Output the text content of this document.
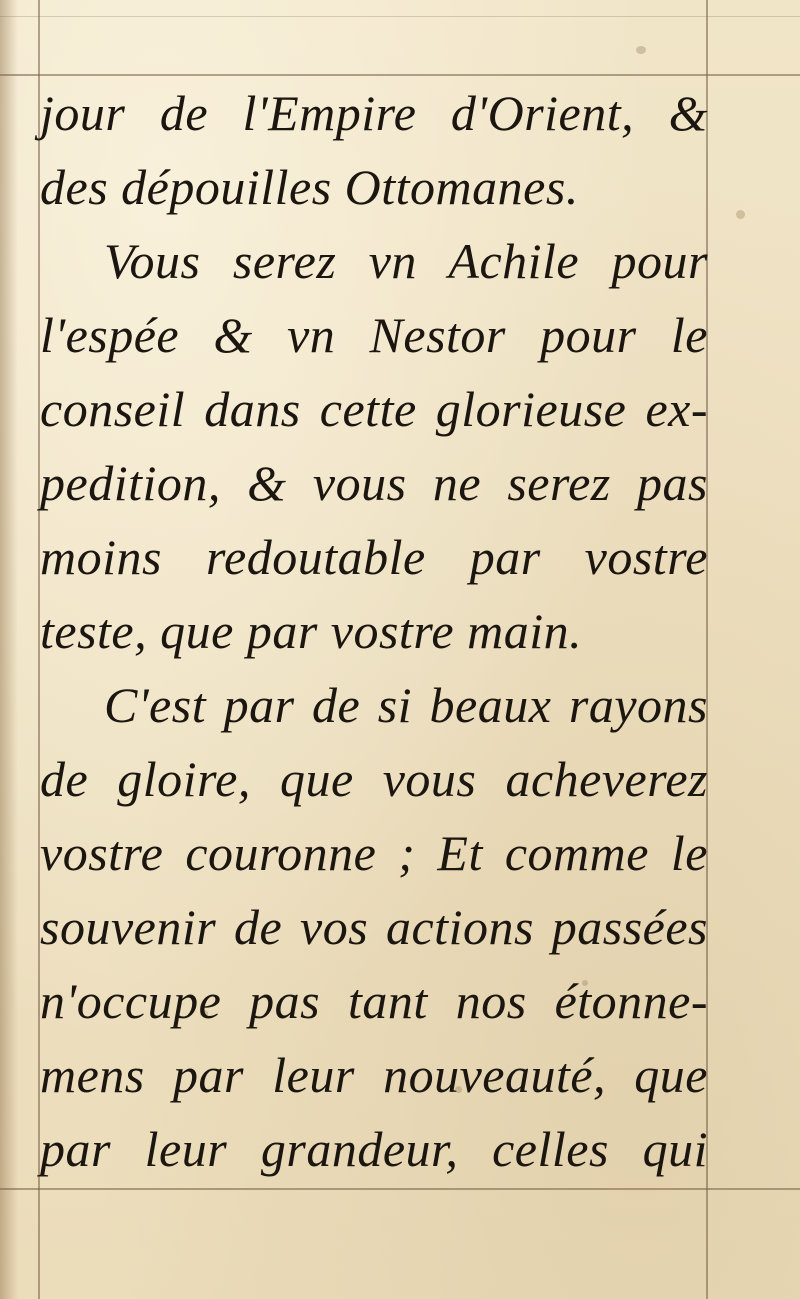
jour de l'Empire d'Orient, &
des dépouilles Ottomanes.
Vous serez vn Achile pour
l'espée & vn Nestor pour le
conseil dans cette glorieuse ex-
pedition, & vous ne serez pas
moins redoutable par vostre
teste, que par vostre main.
C'est par de si beaux rayons
de gloire, que vous acheverez
vostre couronne ; Et comme le
souvenir de vos actions passées
n'occupe pas tant nos étonne-
mens par leur nouveauté, que
par leur grandeur, celles qui
